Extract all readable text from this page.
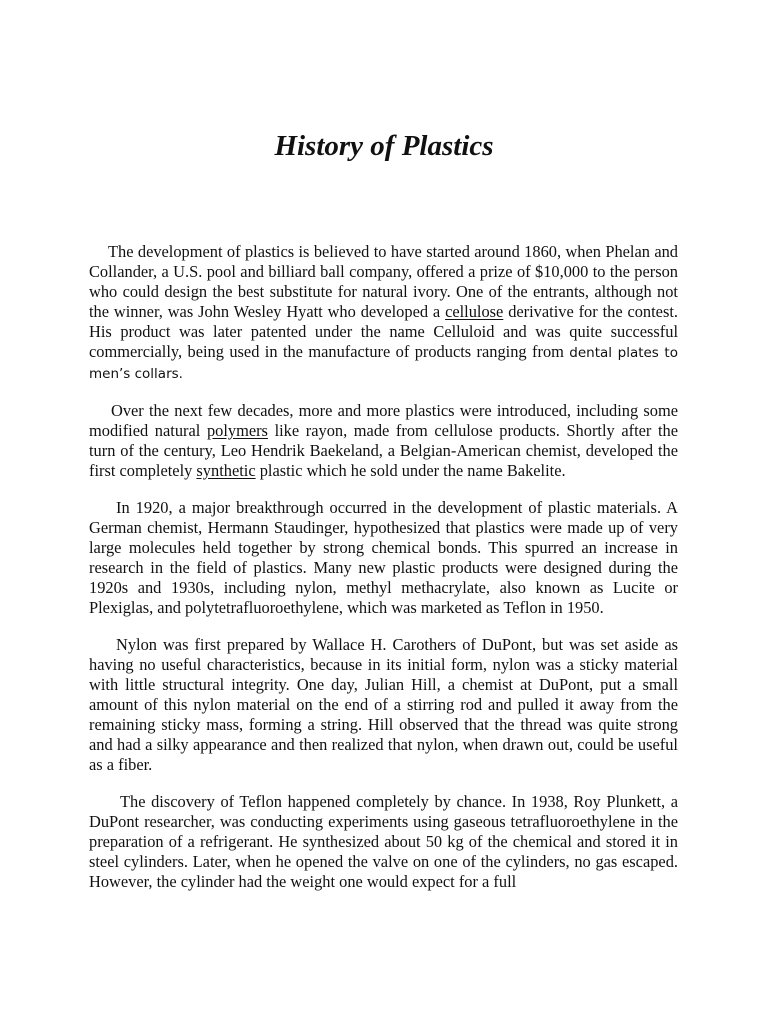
History of Plastics

The development of plastics is believed to have started around 1860, when Phelan and Collander, a U.S. pool and billiard ball company, offered a prize of $10,000 to the person who could design the best substitute for natural ivory. One of the entrants, although not the winner, was John Wesley Hyatt who developed a cellulose derivative for the contest. His product was later patented under the name Celluloid and was quite successful commercially, being used in the manufacture of products ranging from dental plates to men’s collars.

Over the next few decades, more and more plastics were introduced, including some modified natural polymers like rayon, made from cellulose products. Shortly after the turn of the century, Leo Hendrik Baekeland, a Belgian-American chemist, developed the first completely synthetic plastic which he sold under the name Bakelite.

In 1920, a major breakthrough occurred in the development of plastic materials. A German chemist, Hermann Staudinger, hypothesized that plastics were made up of very large molecules held together by strong chemical bonds. This spurred an increase in research in the field of plastics. Many new plastic products were designed during the 1920s and 1930s, including nylon, methyl methacrylate, also known as Lucite or Plexiglas, and polytetrafluoroethylene, which was marketed as Teflon in 1950.

Nylon was first prepared by Wallace H. Carothers of DuPont, but was set aside as having no useful characteristics, because in its initial form, nylon was a sticky material with little structural integrity. One day, Julian Hill, a chemist at DuPont, put a small amount of this nylon material on the end of a stirring rod and pulled it away from the remaining sticky mass, forming a string. Hill observed that the thread was quite strong and had a silky appearance and then realized that nylon, when drawn out, could be useful as a fiber.

The discovery of Teflon happened completely by chance. In 1938, Roy Plunkett, a DuPont researcher, was conducting experiments using gaseous tetrafluoroethylene in the preparation of a refrigerant. He synthesized about 50 kg of the chemical and stored it in steel cylinders. Later, when he opened the valve on one of the cylinders, no gas escaped. However, the cylinder had the weight one would expect for a full
